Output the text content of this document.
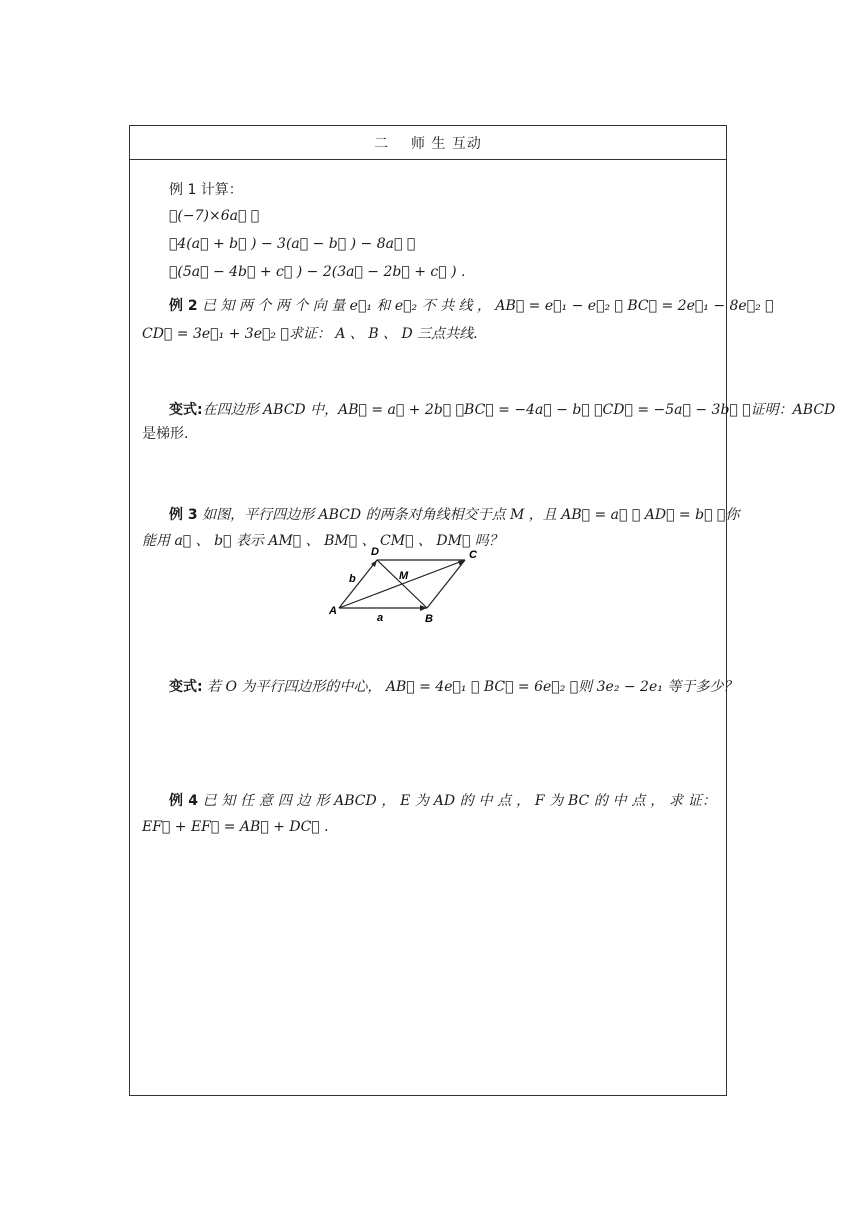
二    师 生 互动
例 1 计算：
⑴(−7)×6a⃗ ；
⑵4(a⃗ + b⃗ ) − 3(a⃗ − b⃗ ) − 8a⃗ ；
⑶(5a⃗ − 4b⃗ + c⃗ ) − 2(3a⃗ − 2b⃗ + c⃗ ) .
例 2 已 知 两 个 两 个 向 量 e⃗₁ 和 e⃗₂ 不 共 线 ， AB⃗ = e⃗₁ − e⃗₂ ， BC⃗ = 2e⃗₁ − 8e⃗₂ ，
CD⃗ = 3e⃗₁ + 3e⃗₂ ，求证： A 、 B 、 D 三点共线.
变式:在四边形 ABCD 中，AB⃗ = a⃗ + 2b⃗ ，BC⃗ = −4a⃗ − b⃗ ，CD⃗ = −5a⃗ − 3b⃗ ，证明：ABCD
是梯形.
例 3 如图，平行四边形 ABCD 的两条对角线相交于点 M ，且 AB⃗ = a⃗ ， AD⃗ = b⃗ ，你
能用 a⃗ 、 b⃗ 表示 AM⃗ 、 BM⃗ 、 CM⃗ 、 DM⃗ 吗？
A
B
C
D
M
a
b
变式: 若 O 为平行四边形的中心， AB⃗ = 4e⃗₁ ， BC⃗ = 6e⃗₂ ，则 3e₂ − 2e₁ 等于多少？
例 4 已 知 任 意 四 边 形 ABCD ， E 为 AD 的 中 点 ， F 为 BC 的 中 点 ， 求 证：
EF⃗ + EF⃗ = AB⃗ + DC⃗ .
